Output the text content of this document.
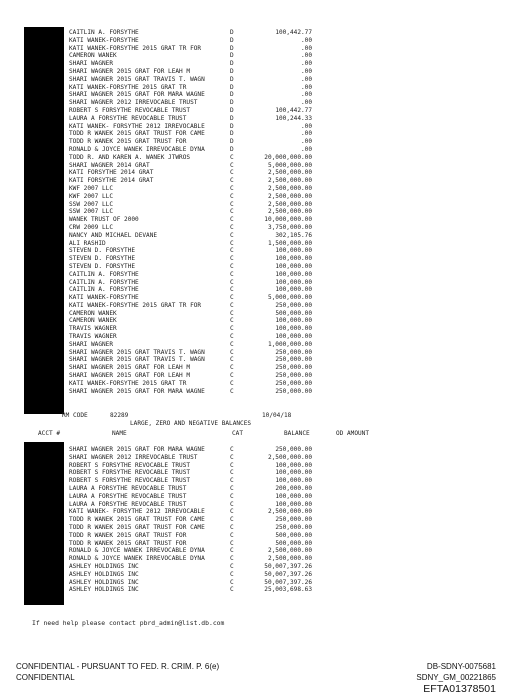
CAITLIN A. FORSYTHE	D	100,442.77
KATI WANEK-FORSYTHE	D	.00
KATI WANEK-FORSYTHE 2015 GRAT TR FOR	D	.00
CAMERON WANEK	D	.00
SHARI WAGNER	D	.00
SHARI WAGNER 2015 GRAT FOR LEAH M	D	.00
SHARI WAGNER 2015 GRAT TRAVIS T. WAGN	D	.00
KATI WANEK-FORSYTHE 2015 GRAT TR	D	.00
SHARI WAGNER 2015 GRAT FOR MARA WAGNE	D	.00
SHARI WAGNER 2012 IRREVOCABLE TRUST	D	.00
ROBERT S FORSYTHE REVOCABLE TRUST	D	100,442.77
LAURA A FORSYTHE REVOCABLE TRUST	D	100,244.33
KATI WANEK- FORSYTHE 2012 IRREVOCABLE	D	.00
TODD R WANEK 2015 GRAT TRUST FOR CAME	D	.00
TODD R WANEK 2015 GRAT TRUST FOR	D	.00
RONALD & JOYCE WANEK IRREVOCABLE DYNA	D	.00
TODD R. AND KAREN A. WANEK JTWROS	C	20,000,000.00
SHARI WAGNER 2014 GRAT	C	5,000,000.00
KATI FORSYTHE 2014 GRAT	C	2,500,000.00
KATI FORSYTHE 2014 GRAT	C	2,500,000.00
KWF 2007 LLC	C	2,500,000.00
KWF 2007 LLC	C	2,500,000.00
SSW 2007 LLC	C	2,500,000.00
SSW 2007 LLC	C	2,500,000.00
WANEK TRUST OF 2000	C	10,000,000.00
CRW 2009 LLC	C	3,750,000.00
NANCY AND MICHAEL DEVANE	C	302,105.76
ALI RASHID	C	1,500,000.00
STEVEN D. FORSYTHE	C	100,000.00
STEVEN D. FORSYTHE	C	100,000.00
STEVEN D. FORSYTHE	C	100,000.00
CAITLIN A. FORSYTHE	C	100,000.00
CAITLIN A. FORSYTHE	C	100,000.00
CAITLIN A. FORSYTHE	C	100,000.00
KATI WANEK-FORSYTHE	C	5,000,000.00
KATI WANEK-FORSYTHE 2015 GRAT TR FOR	C	250,000.00
CAMERON WANEK	C	500,000.00
CAMERON WANEK	C	100,000.00
TRAVIS WAGNER	C	100,000.00
TRAVIS WAGNER	C	100,000.00
SHARI WAGNER	C	1,000,000.00
SHARI WAGNER 2015 GRAT TRAVIS T. WAGN	C	250,000.00
SHARI WAGNER 2015 GRAT TRAVIS T. WAGN	C	250,000.00
SHARI WAGNER 2015 GRAT FOR LEAH M	C	250,000.00
SHARI WAGNER 2015 GRAT FOR LEAH M	C	250,000.00
KATI WANEK-FORSYTHE 2015 GRAT TR	C	250,000.00
SHARI WAGNER 2015 GRAT FOR MARA WAGNE	C	250,000.00
RM CODE	82289	10/04/18
LARGE, ZERO AND NEGATIVE BALANCES
ACCT #	NAME	CAT	BALANCE	OD AMOUNT
SHARI WAGNER 2015 GRAT FOR MARA WAGNE	C	250,000.00
SHARI WAGNER 2012 IRREVOCABLE TRUST	C	2,500,000.00
ROBERT S FORSYTHE REVOCABLE TRUST	C	100,000.00
ROBERT S FORSYTHE REVOCABLE TRUST	C	100,000.00
ROBERT S FORSYTHE REVOCABLE TRUST	C	100,000.00
LAURA A FORSYTHE REVOCABLE TRUST	C	200,000.00
LAURA A FORSYTHE REVOCABLE TRUST	C	100,000.00
LAURA A FORSYTHE REVOCABLE TRUST	C	100,000.00
KATI WANEK- FORSYTHE 2012 IRREVOCABLE	C	2,500,000.00
TODD R WANEK 2015 GRAT TRUST FOR CAME	C	250,000.00
TODD R WANEK 2015 GRAT TRUST FOR CAME	C	250,000.00
TODD R WANEK 2015 GRAT TRUST FOR	C	500,000.00
TODD R WANEK 2015 GRAT TRUST FOR	C	500,000.00
RONALD & JOYCE WANEK IRREVOCABLE DYNA	C	2,500,000.00
RONALD & JOYCE WANEK IRREVOCABLE DYNA	C	2,500,000.00
ASHLEY HOLDINGS INC	C	50,007,397.26
ASHLEY HOLDINGS INC	C	50,007,397.26
ASHLEY HOLDINGS INC	C	50,007,397.26
ASHLEY HOLDINGS INC	C	25,003,698.63
If need help please contact pbrd_admin@list.db.com
CONFIDENTIAL - PURSUANT TO FED. R. CRIM. P. 6(e)
CONFIDENTIAL
DB-SDNY-0075681
SDNY_GM_00221865
EFTA01378501
